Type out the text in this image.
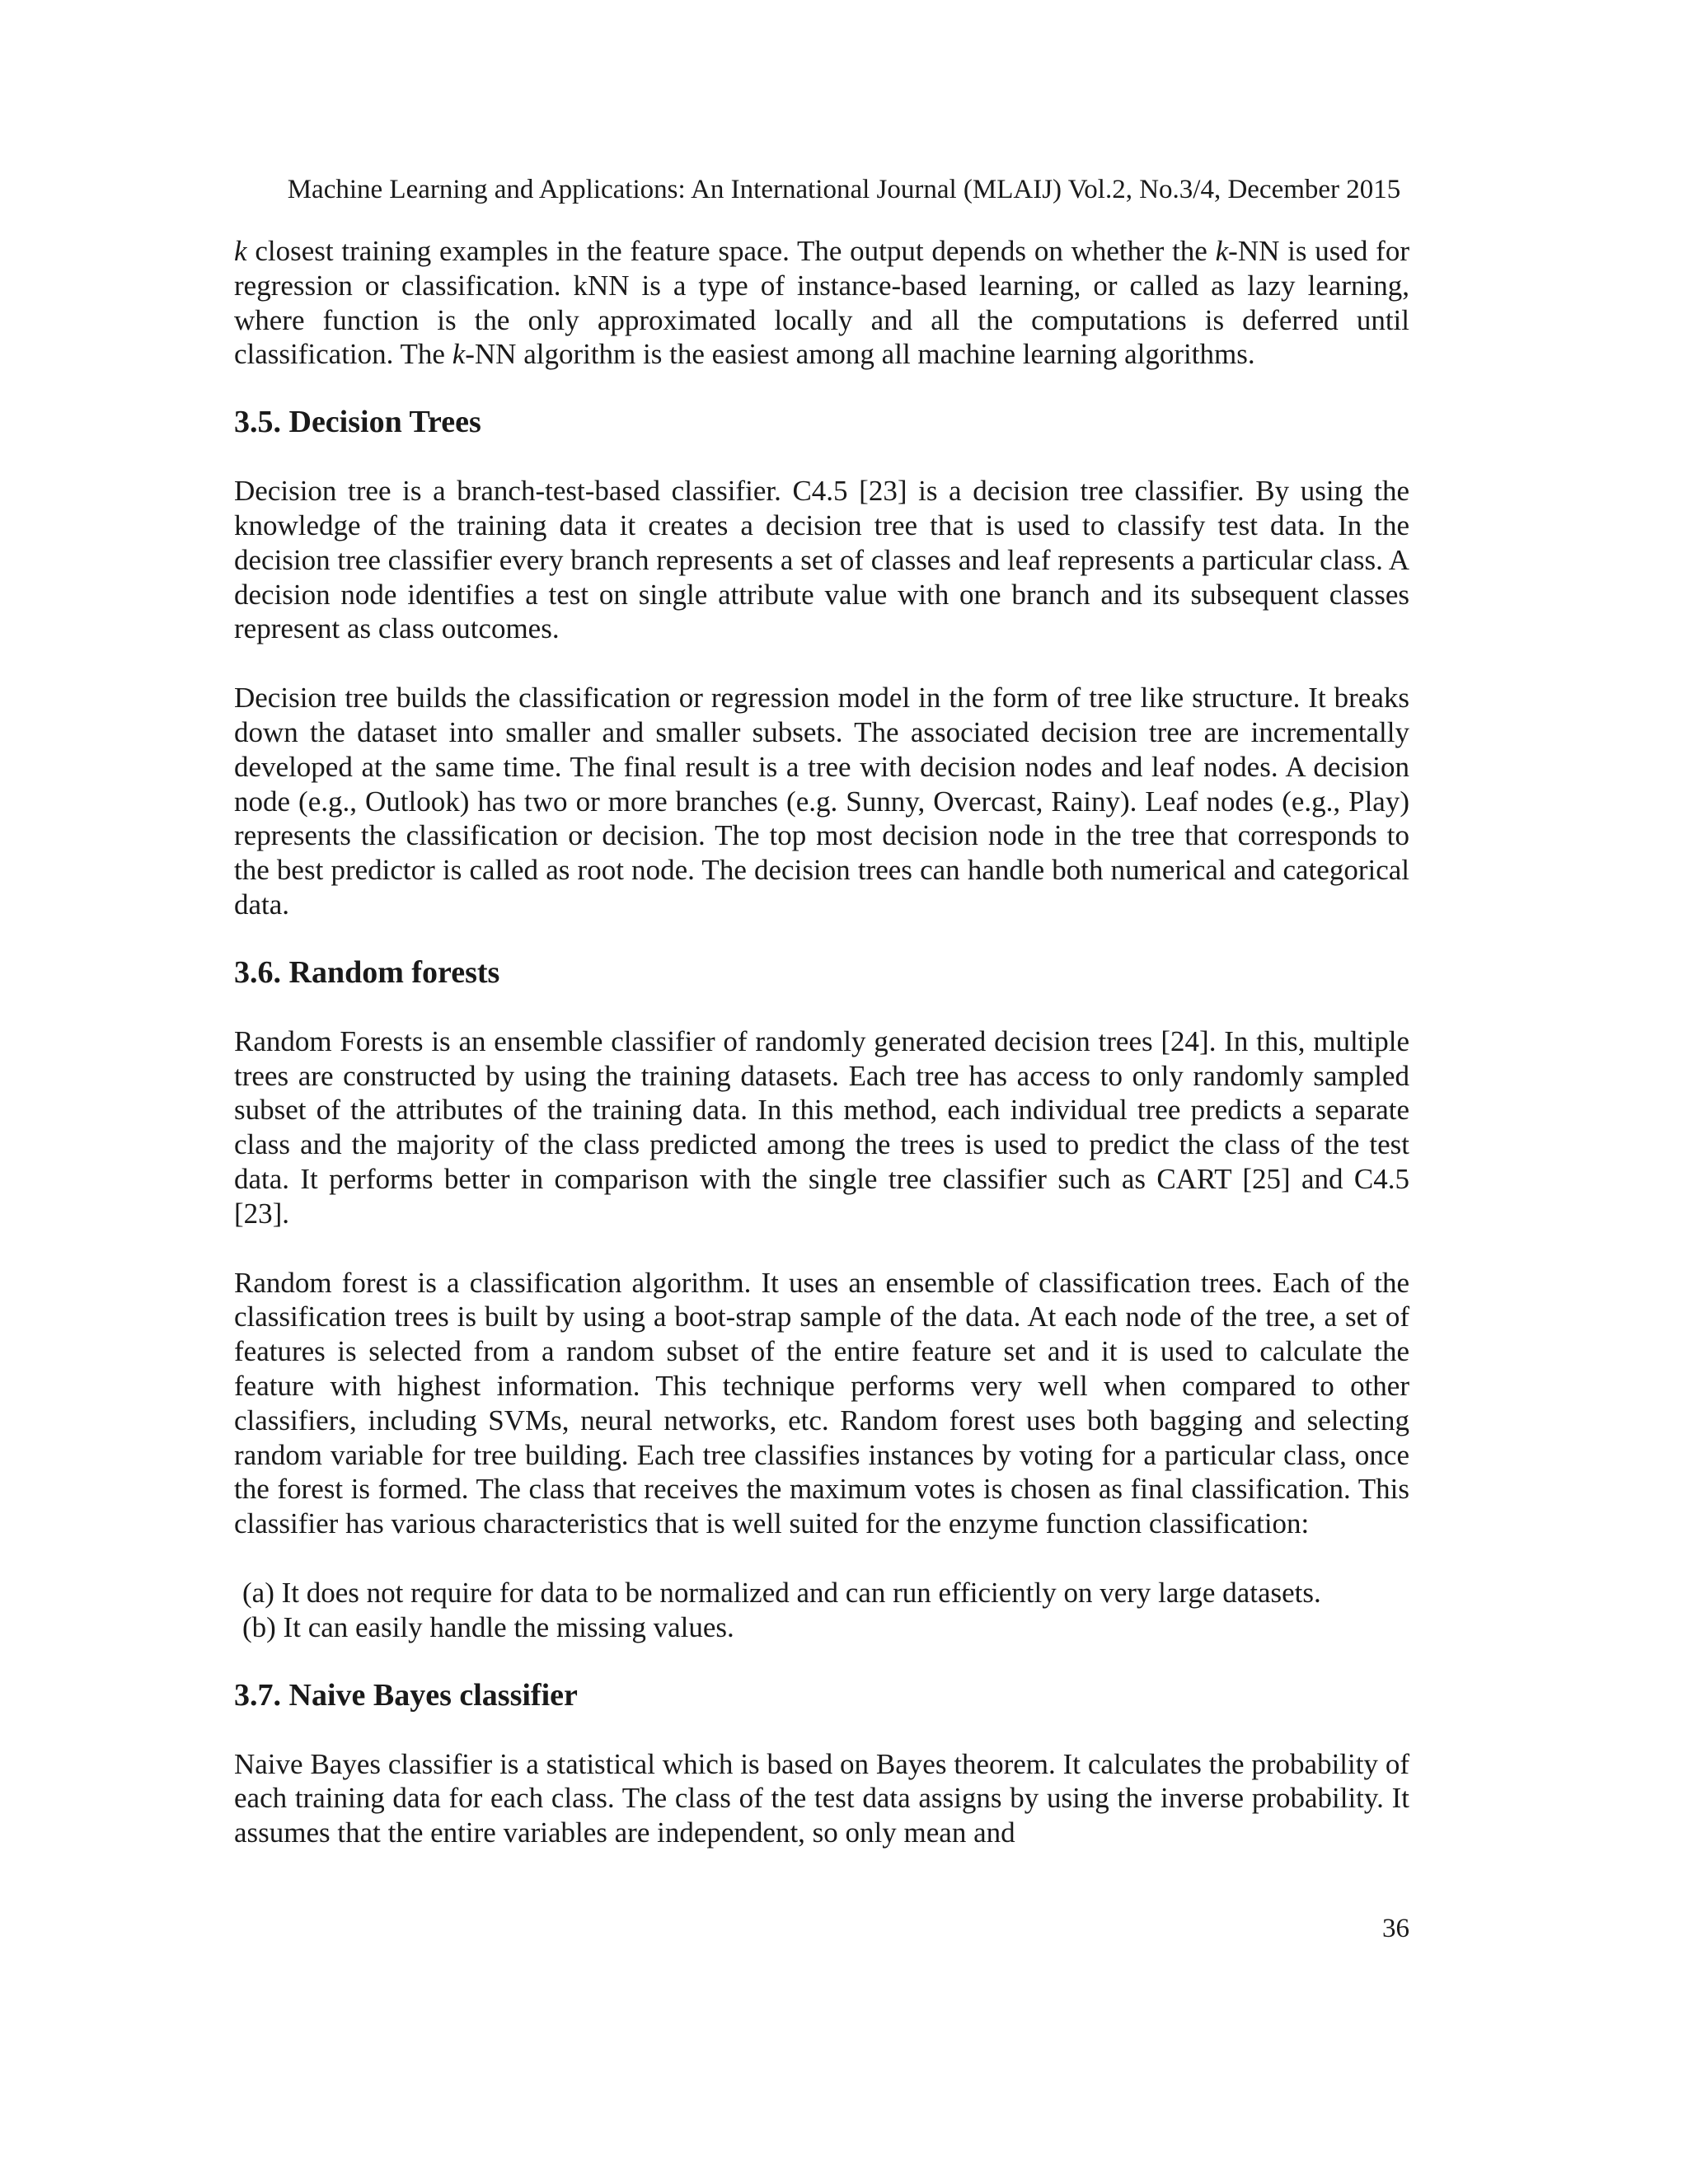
Machine Learning and Applications: An International Journal (MLAIJ) Vol.2, No.3/4, December 2015

k closest training examples in the feature space. The output depends on whether the k-NN is used for regression or classification. kNN is a type of instance-based learning, or called as lazy learning, where function is the only approximated locally and all the computations is deferred until classification. The k-NN algorithm is the easiest among all machine learning algorithms.

3.5. Decision Trees

Decision tree is a branch-test-based classifier. C4.5 [23] is a decision tree classifier. By using the knowledge of the training data it creates a decision tree that is used to classify test data. In the decision tree classifier every branch represents a set of classes and leaf represents a particular class. A decision node identifies a test on single attribute value with one branch and its subsequent classes represent as class outcomes.

Decision tree builds the classification or regression model in the form of tree like structure. It breaks down the dataset into smaller and smaller subsets. The associated decision tree are incrementally developed at the same time. The final result is a tree with decision nodes and leaf nodes. A decision node (e.g., Outlook) has two or more branches (e.g. Sunny, Overcast, Rainy). Leaf nodes (e.g., Play) represents the classification or decision. The top most decision node in the tree that corresponds to the best predictor is called as root node. The decision trees can handle both numerical and categorical data.

3.6. Random forests

Random Forests is an ensemble classifier of randomly generated decision trees [24]. In this, multiple trees are constructed by using the training datasets. Each tree has access to only randomly sampled subset of the attributes of the training data. In this method, each individual tree predicts a separate class and the majority of the class predicted among the trees is used to predict the class of the test data. It performs better in comparison with the single tree classifier such as CART [25] and C4.5 [23].

Random forest is a classification algorithm. It uses an ensemble of classification trees. Each of the classification trees is built by using a boot-strap sample of the data. At each node of the tree, a set of features is selected from a random subset of the entire feature set and it is used to calculate the feature with highest information. This technique performs very well when compared to other classifiers, including SVMs, neural networks, etc. Random forest uses both bagging and selecting random variable for tree building. Each tree classifies instances by voting for a particular class, once the forest is formed. The class that receives the maximum votes is chosen as final classification. This classifier has various characteristics that is well suited for the enzyme function classification:

(a) It does not require for data to be normalized and can run efficiently on very large datasets.
(b) It can easily handle the missing values.
3.7. Naive Bayes classifier

Naive Bayes classifier is a statistical which is based on Bayes theorem. It calculates the probability of each training data for each class. The class of the test data assigns by using the inverse probability. It assumes that the entire variables are independent, so only mean and

36
